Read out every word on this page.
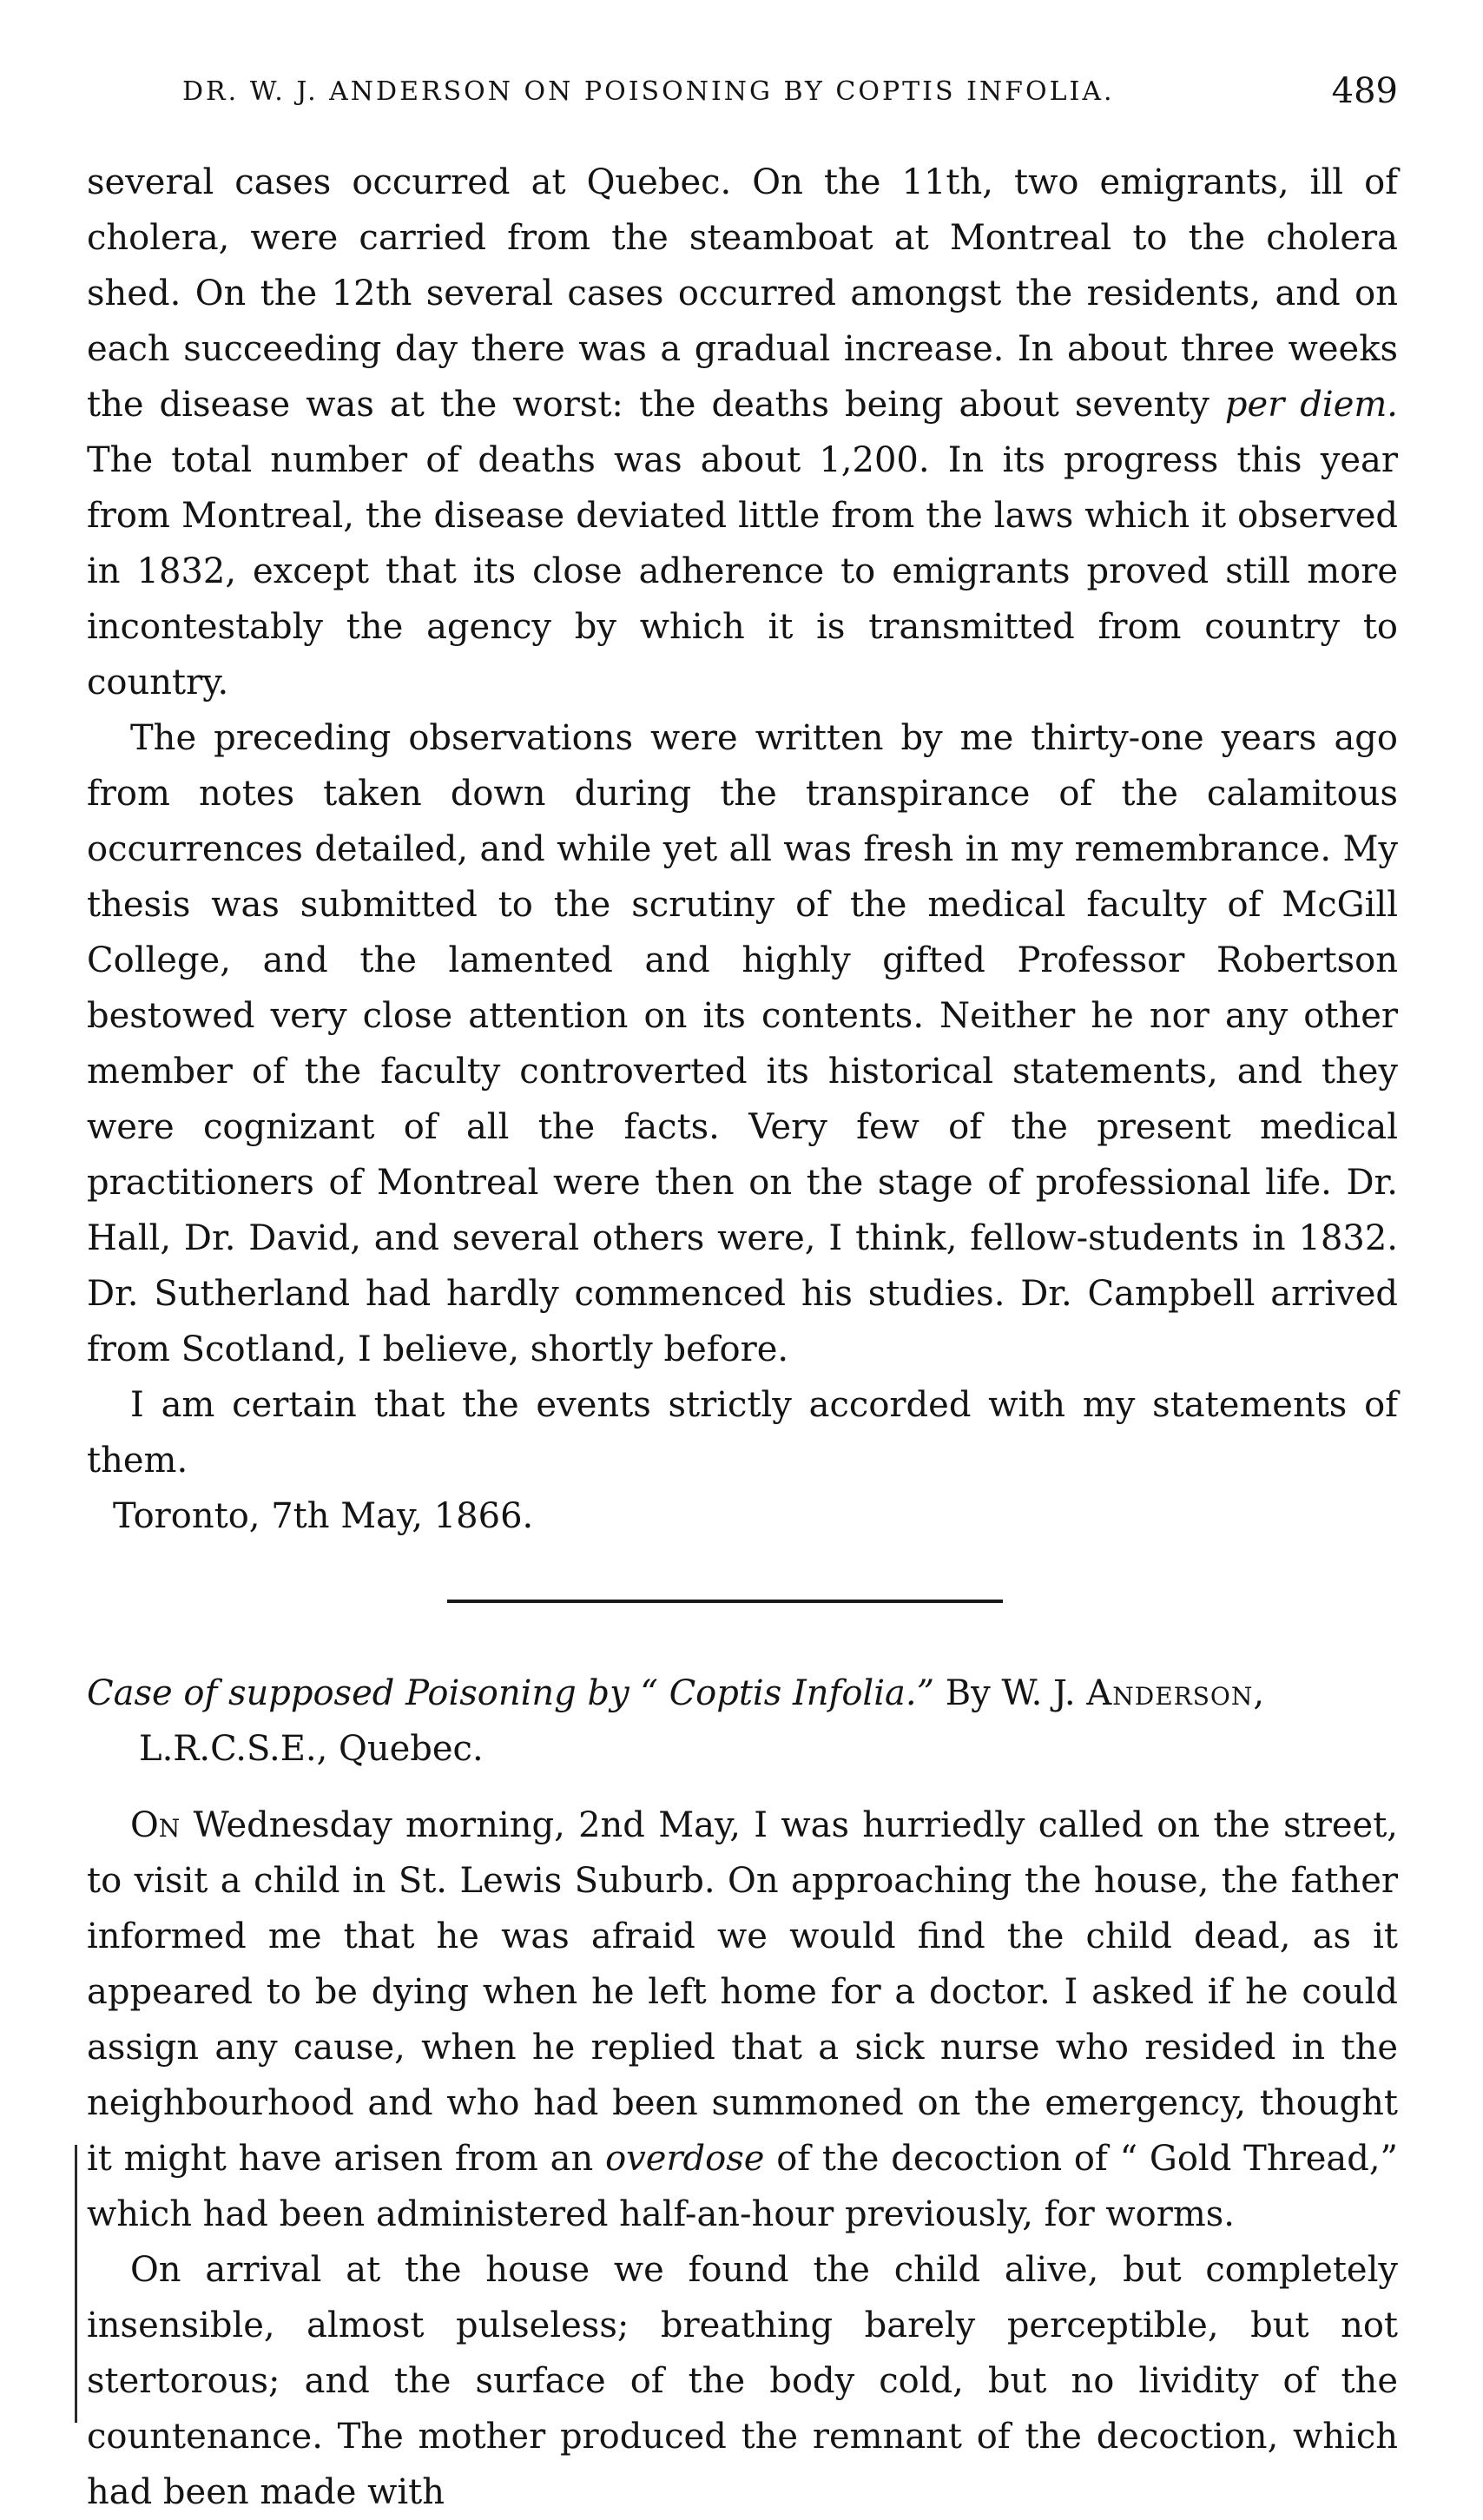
DR. W. J. ANDERSON ON POISONING BY COPTIS INFOLIA.	489

several cases occurred at Quebec. On the 11th, two emigrants, ill of cholera, were carried from the steamboat at Montreal to the cholera shed. On the 12th several cases occurred amongst the residents, and on each succeeding day there was a gradual increase. In about three weeks the disease was at the worst: the deaths being about seventy per diem. The total number of deaths was about 1,200. In its progress this year from Montreal, the disease deviated little from the laws which it observed in 1832, except that its close adherence to emigrants proved still more incontestably the agency by which it is transmitted from country to country.

The preceding observations were written by me thirty-one years ago from notes taken down during the transpirance of the calamitous occurrences detailed, and while yet all was fresh in my remembrance. My thesis was submitted to the scrutiny of the medical faculty of McGill College, and the lamented and highly gifted Professor Robertson bestowed very close attention on its contents. Neither he nor any other member of the faculty controverted its historical statements, and they were cognizant of all the facts. Very few of the present medical practitioners of Montreal were then on the stage of professional life. Dr. Hall, Dr. David, and several others were, I think, fellow-students in 1832. Dr. Sutherland had hardly commenced his studies. Dr. Campbell arrived from Scotland, I believe, shortly before.

I am certain that the events strictly accorded with my statements of them.

Toronto, 7th May, 1866.

Case of supposed Poisoning by “ Coptis Infolia.” By W. J. Anderson,
L.R.C.S.E., Quebec.

On Wednesday morning, 2nd May, I was hurriedly called on the street, to visit a child in St. Lewis Suburb. On approaching the house, the father informed me that he was afraid we would find the child dead, as it appeared to be dying when he left home for a doctor. I asked if he could assign any cause, when he replied that a sick nurse who resided in the neighbourhood and who had been summoned on the emergency, thought it might have arisen from an overdose of the decoction of “ Gold Thread,” which had been administered half-an-hour previously, for worms.

On arrival at the house we found the child alive, but completely insensible, almost pulseless; breathing barely perceptible, but not stertorous; and the surface of the body cold, but no lividity of the countenance. The mother produced the remnant of the decoction, which had been made with
